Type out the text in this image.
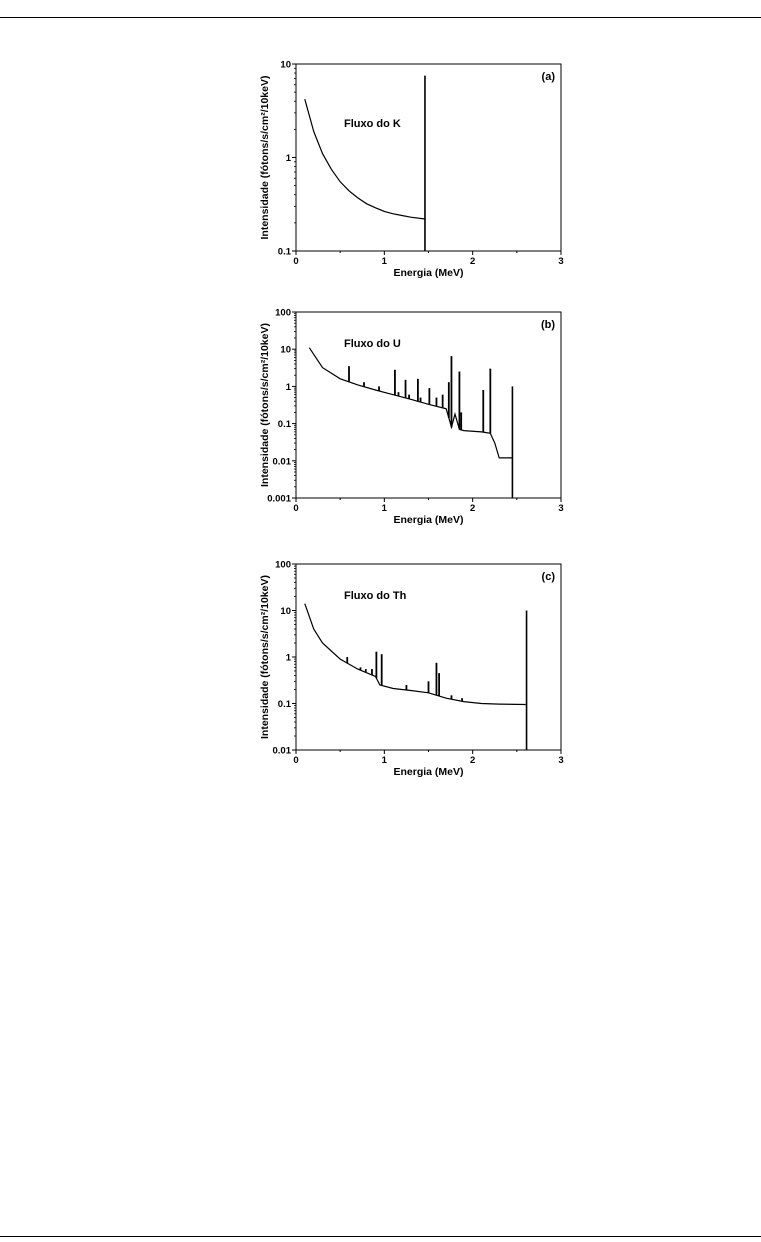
0	1	2	3
0.1
1
10
Energia (MeV)
Intensidade (fótons/s/cm²/10keV)	(a)
Fluxo do K
0	1	2	3
0.001
0.01
0.1
1
10
100
Energia (MeV)
Intensidade (fótons/s/cm²/10keV)	(b)
Fluxo do U
0	1	2	3
0.01
0.1
1
10
100
Energia (MeV)
Intensidade (fótons/s/cm²/10keV)	(c)
Fluxo do Th
